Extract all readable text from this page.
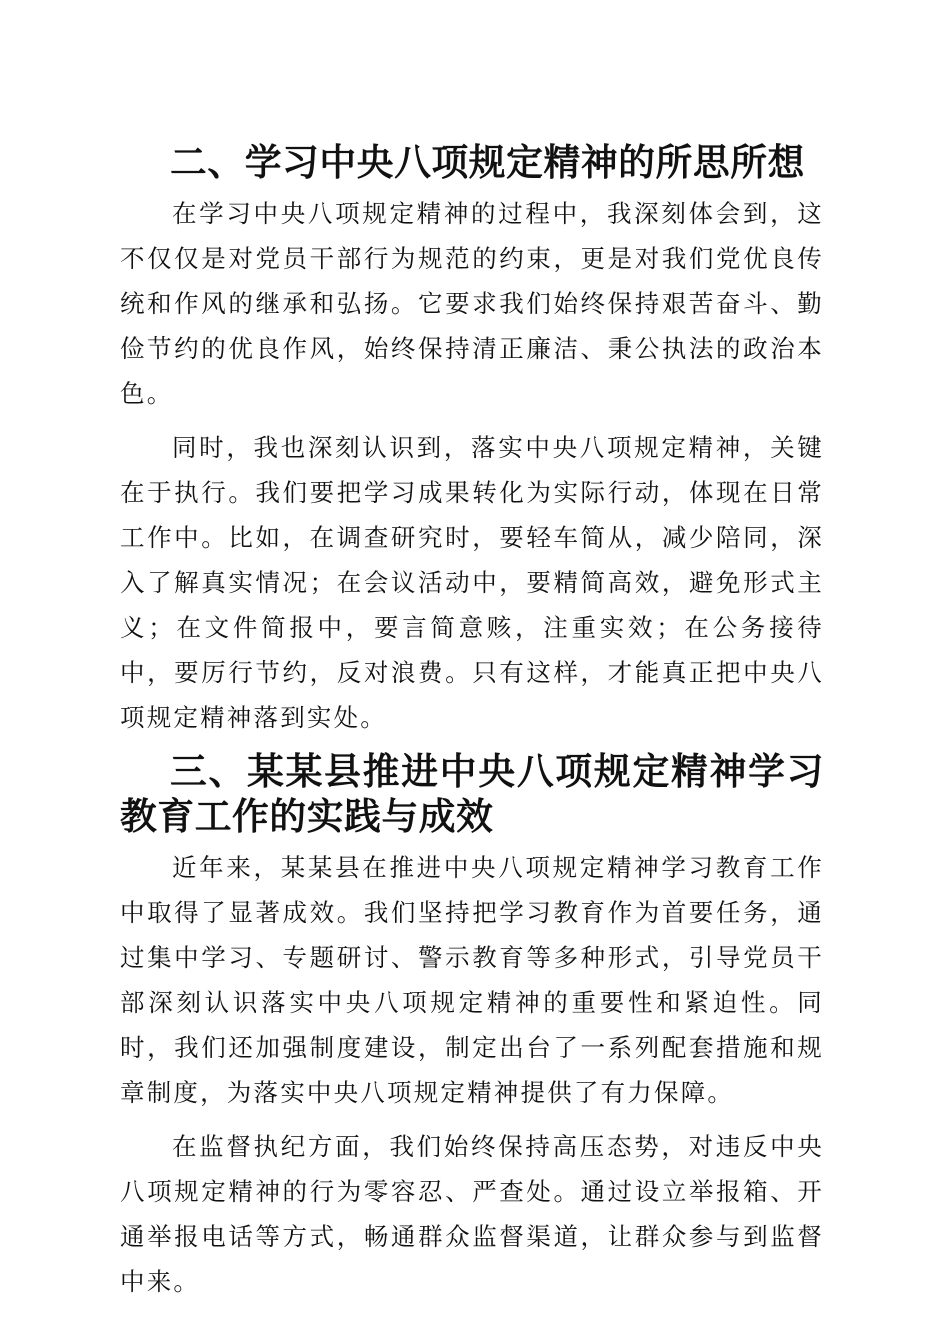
二、学习中央八项规定精神的所思所想

在学习中央八项规定精神的过程中，我深刻体会到，这不仅仅是对党员干部行为规范的约束，更是对我们党优良传统和作风的继承和弘扬。它要求我们始终保持艰苦奋斗、勤俭节约的优良作风，始终保持清正廉洁、秉公执法的政治本色。

同时，我也深刻认识到，落实中央八项规定精神，关键在于执行。我们要把学习成果转化为实际行动，体现在日常工作中。比如，在调查研究时，要轻车简从，减少陪同，深入了解真实情况；在会议活动中，要精简高效，避免形式主义；在文件简报中，要言简意赅，注重实效；在公务接待中，要厉行节约，反对浪费。只有这样，才能真正把中央八项规定精神落到实处。

三、某某县推进中央八项规定精神学习教育工作的实践与成效

近年来，某某县在推进中央八项规定精神学习教育工作中取得了显著成效。我们坚持把学习教育作为首要任务，通过集中学习、专题研讨、警示教育等多种形式，引导党员干部深刻认识落实中央八项规定精神的重要性和紧迫性。同时，我们还加强制度建设，制定出台了一系列配套措施和规章制度，为落实中央八项规定精神提供了有力保障。

在监督执纪方面，我们始终保持高压态势，对违反中央八项规定精神的行为零容忍、严查处。通过设立举报箱、开通举报电话等方式，畅通群众监督渠道，让群众参与到监督中来。
